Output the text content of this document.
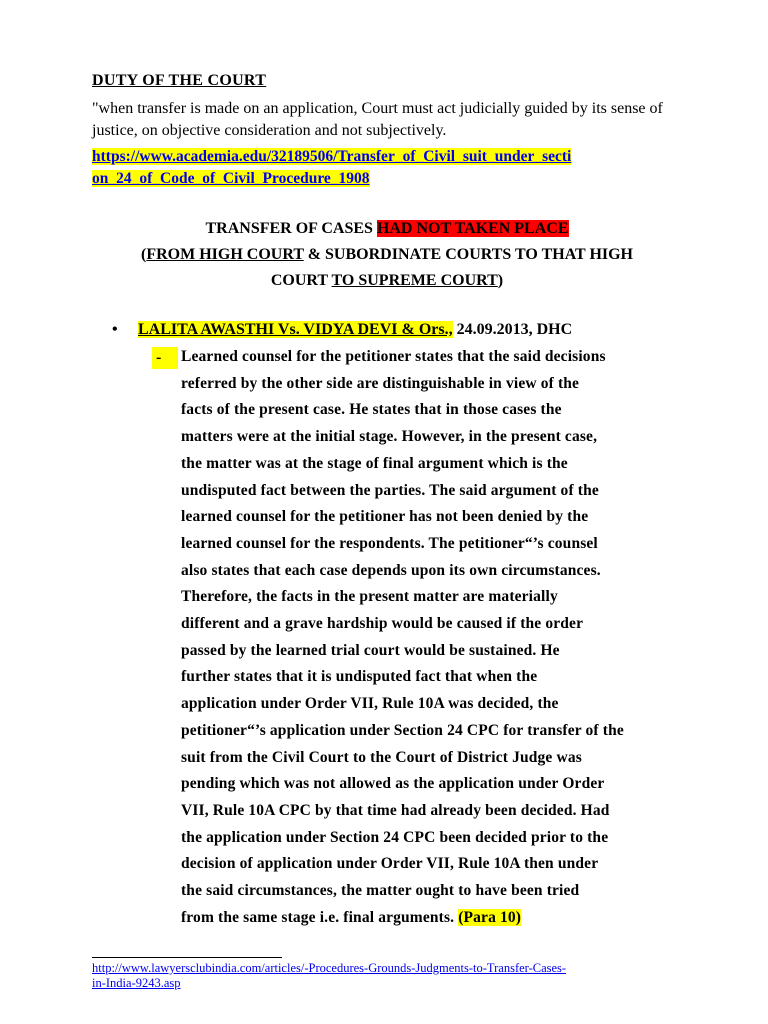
DUTY OF THE COURT
"when transfer is made on an application, Court must act judicially guided by its sense of justice, on objective consideration and not subjectively.
https://www.academia.edu/32189506/Transfer_of_Civil_suit_under_secti
on_24_of_Code_of_Civil_Procedure_1908
TRANSFER OF CASES HAD NOT TAKEN PLACE
(FROM HIGH COURT & SUBORDINATE COURTS TO THAT HIGH
COURT TO SUPREME COURT)
• LALITA AWASTHI Vs. VIDYA DEVI & Ors., 24.09.2013, DHC
-	Learned counsel for the petitioner states that the said decisions
referred by the other side are distinguishable in view of the
facts of the present case. He states that in those cases the
matters were at the initial stage. However, in the present case,
the matter was at the stage of final argument which is the
undisputed fact between the parties. The said argument of the
learned counsel for the petitioner has not been denied by the
learned counsel for the respondents. The petitioner“’s counsel
also states that each case depends upon its own circumstances.
Therefore, the facts in the present matter are materially
different and a grave hardship would be caused if the order
passed by the learned trial court would be sustained. He
further states that it is undisputed fact that when the
application under Order VII, Rule 10A was decided, the
petitioner“’s application under Section 24 CPC for transfer of the
suit from the Civil Court to the Court of District Judge was
pending which was not allowed as the application under Order
VII, Rule 10A CPC by that time had already been decided. Had
the application under Section 24 CPC been decided prior to the
decision of application under Order VII, Rule 10A then under
the said circumstances, the matter ought to have been tried
from the same stage i.e. final arguments. (Para 10)
http://www.lawyersclubindia.com/articles/-Procedures-Grounds-Judgments-to-Transfer-Cases-
in-India-9243.asp
